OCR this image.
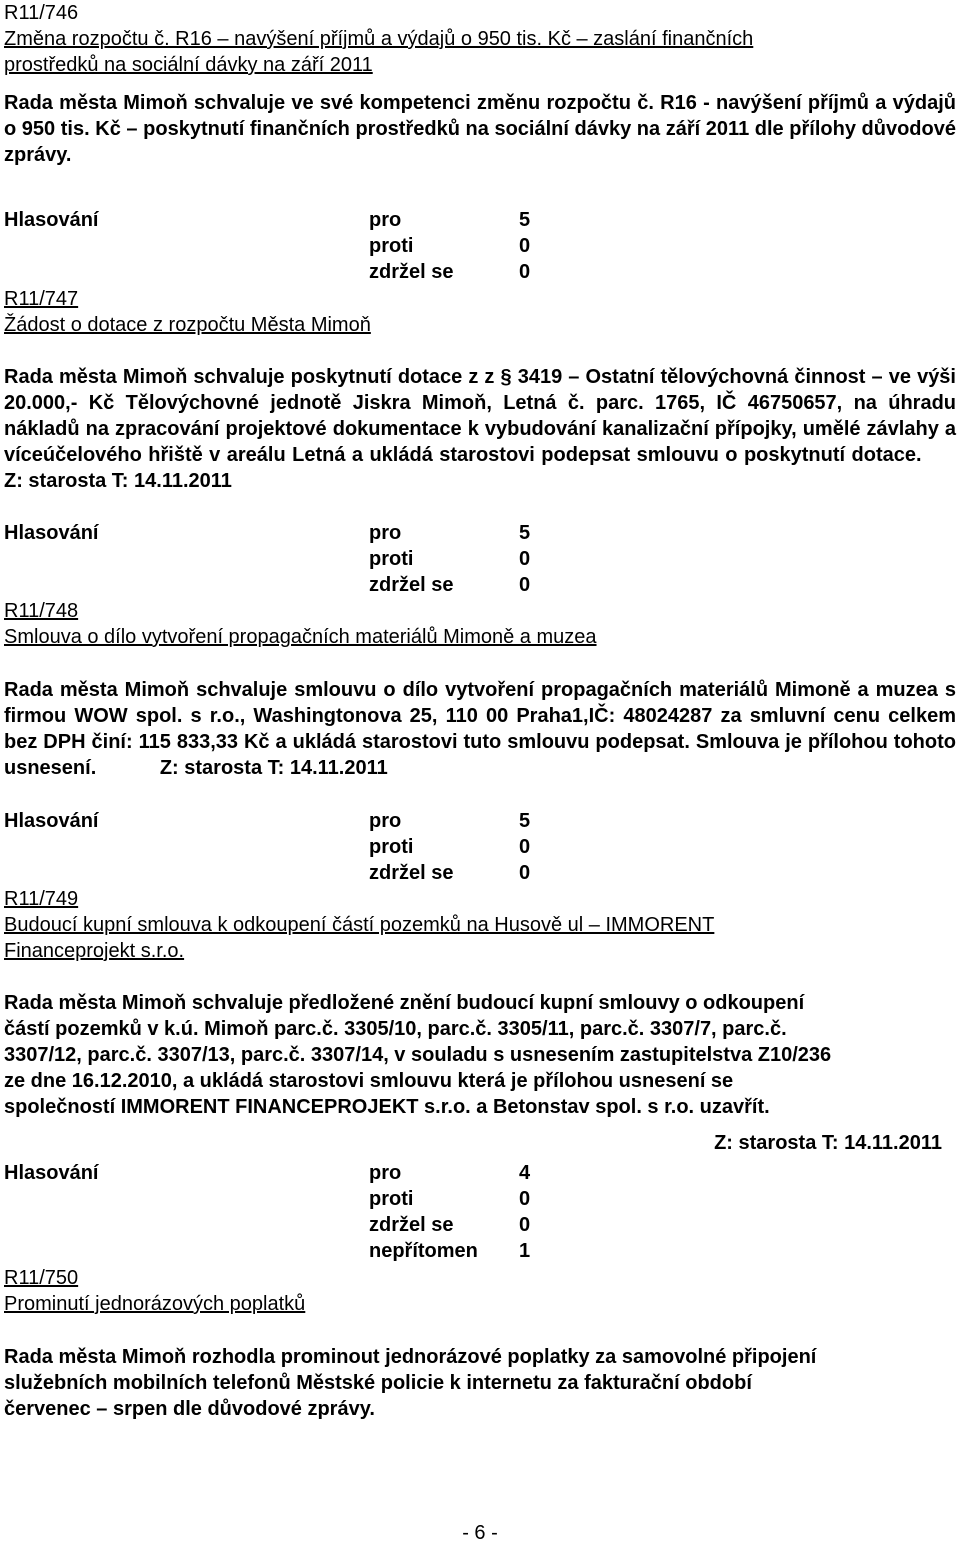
R11/746
Změna rozpočtu č. R16 – navýšení příjmů a výdajů o 950 tis. Kč – zaslání finančních
prostředků na sociální dávky na září 2011
Rada města Mimoň schvaluje ve své kompetenci změnu rozpočtu č. R16 - navýšení příjmů a výdajů o 950 tis. Kč – poskytnutí finančních prostředků na sociální dávky na září 2011 dle přílohy důvodové zprávy.
Hlasování	pro	5
proti	0
zdržel se	0
R11/747
Žádost o dotace z rozpočtu Města Mimoň
Rada města Mimoň schvaluje poskytnutí dotace z z § 3419 – Ostatní tělovýchovná činnost – ve výši 20.000,- Kč Tělovýchovné jednotě Jiskra Mimoň, Letná č. parc. 1765, IČ 46750657, na úhradu nákladů na zpracování projektové dokumentace k vybudování kanalizační přípojky, umělé závlahy a víceúčelového hřiště v areálu Letná a ukládá starostovi podepsat smlouvu o poskytnutí dotace. Z: starosta T: 14.11.2011
Hlasování	pro	5
proti	0
zdržel se	0
R11/748
Smlouva o dílo vytvoření propagačních materiálů Mimoně a muzea
Rada města Mimoň schvaluje smlouvu o dílo vytvoření propagačních materiálů Mimoně a muzea s firmou WOW spol. s r.o., Washingtonova 25, 110 00 Praha1,IČ: 48024287 za smluvní cenu celkem bez DPH činí: 115 833,33 Kč a ukládá starostovi tuto smlouvu podepsat. Smlouva je přílohou tohoto usnesení.	Z: starosta T: 14.11.2011
Hlasování	pro	5
proti	0
zdržel se	0
R11/749
Budoucí kupní smlouva k odkoupení částí pozemků na Husově ul – IMMORENT
Financeprojekt s.r.o.
Rada města Mimoň schvaluje předložené znění budoucí kupní smlouvy o odkoupení
částí pozemků v k.ú. Mimoň parc.č. 3305/10, parc.č. 3305/11, parc.č. 3307/7, parc.č.
3307/12, parc.č. 3307/13, parc.č. 3307/14, v souladu s usnesením zastupitelstva Z10/236
ze dne 16.12.2010, a ukládá starostovi smlouvu která je přílohou usnesení se
společností IMMORENT FINANCEPROJEKT s.r.o. a Betonstav spol. s r.o. uzavřít.
Z: starosta T: 14.11.2011
Hlasování	pro	4
proti	0
zdržel se	0
nepřítomen 1
R11/750
Prominutí jednorázových poplatků
Rada města Mimoň rozhodla prominout jednorázové poplatky za samovolné připojení
služebních mobilních telefonů Městské policie k internetu za fakturační období
červenec – srpen dle důvodové zprávy.
- 6 -
